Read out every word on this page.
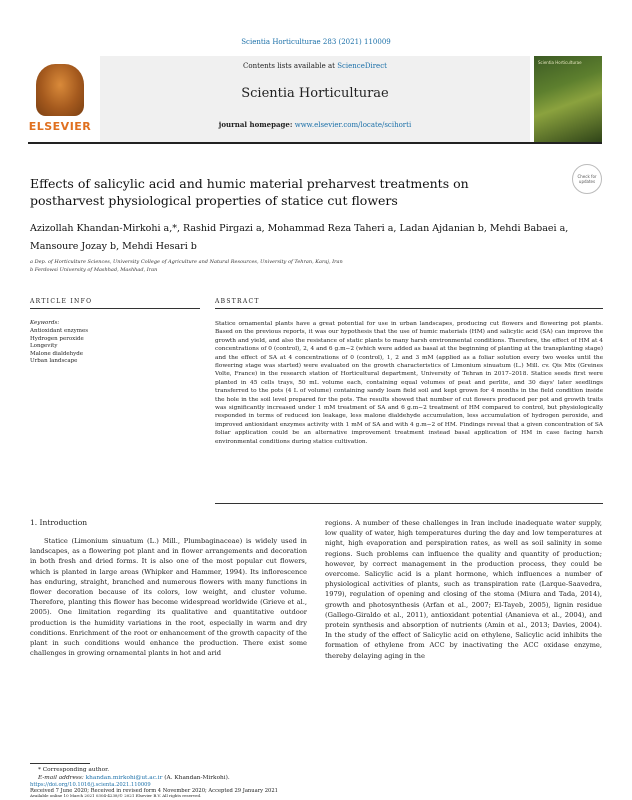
Scientia Horticulturae 283 (2021) 110009
ELSEVIER
Contents lists available at ScienceDirect
Scientia Horticulturae
journal homepage: www.elsevier.com/locate/scihorti
Scientia Horticulturae
Effects of salicylic acid and humic material preharvest treatments on postharvest physiological properties of statice cut flowers
Check for updates
Azizollah Khandan-Mirkohi a,*, Rashid Pirgazi a, Mohammad Reza Taheri a, Ladan Ajdanian b, Mehdi Babaei a, Mansoure Jozay b, Mehdi Hesari b
a Dep. of Horticulture Sciences, University College of Agriculture and Natural Resources, University of Tehran, Karaj, Iran
b Ferdowsi University of Mashhad, Mashhad, Iran
ARTICLE INFO	ABSTRACT
Keywords:
Antioxidant enzymes
Hydrogen peroxide
Longevity
Malone dialdehyde
Urban landscape
Statice ornamental plants have a great potential for use in urban landscapes, producing cut flowers and flowering pot plants. Based on the previous reports, it was our hypothesis that the use of humic materials (HM) and salicylic acid (SA) can improve the growth and yield, and also the resistance of static plants to many harsh environmental conditions. Therefore, the effect of HM at 4 concentrations of 0 (control), 2, 4 and 6 g.m−2 (which were added as basal at the beginning of planting at the transplanting stage) and the effect of SA at 4 concentrations of 0 (control), 1, 2 and 3 mM (applied as a foliar solution every two weeks until the flowering stage was started) were evaluated on the growth characteristics of Limonium sinuatum (L.) Mill. cv. Qis Mix (Greines Volte, France) in the research station of Horticultural department, University of Tehran in 2017–2018. Statice seeds first were planted in 45 cells trays, 50 mL volume each, containing equal volumes of peat and perlite, and 30 days' later seedlings transferred to the pots (4 L of volume) containing sandy loam field soil and kept grown for 4 months in the field condition inside the hole in the soil level prepared for the pots. The results showed that number of cut flowers produced per pot and growth traits was significantly increased under 1 mM treatment of SA and 6 g.m−2 treatment of HM compared to control, but physiologically responded in terms of reduced ion leakage, less malone dialdehyde accumulation, less accumulation of hydrogen peroxide, and improved antioxidant enzymes activity with 1 mM of SA and with 4 g.m−2 of HM. Findings reveal that a given concentration of SA foliar application could be an alternative improvement treatment instead basal application of HM in case facing harsh environmental conditions during statice cultivation.
1. Introduction
Statice (Limonium sinuatum (L.) Mill., Plumbaginaceae) is widely used in landscapes, as a flowering pot plant and in flower arrangements and decoration in both fresh and dried forms. It is also one of the most popular cut flowers, which is planted in large areas (Whipker and Hammer, 1994). Its inflorescence has enduring, straight, branched and numerous flowers with many functions in flower decoration because of its colors, low weight, and cluster volume. Therefore, planting this flower has become widespread worldwide (Grieve et al., 2005). One limitation regarding its qualitative and quantitative outdoor production is the humidity variations in the root, especially in warm and dry conditions. Enrichment of the root or enhancement of the growth capacity of the plant in such conditions would enhance the production. There exist some challenges in growing ornamental plants in hot and arid
regions. A number of these challenges in Iran include inadequate water supply, low quality of water, high temperatures during the day and low temperatures at night, high evaporation and perspiration rates, as well as soil salinity in some regions. Such problems can influence the quality and quantity of production; however, by correct management in the production process, they could be overcome. Salicylic acid is a plant hormone, which influences a number of physiological activities of plants, such as transpiration rate (Larque-Saavedra, 1979), regulation of opening and closing of the stoma (Miura and Tada, 2014), growth and photosynthesis (Arfan et al., 2007; El-Tayeb, 2005), lignin residue (Gallego-Giraldo et al., 2011), antioxidant potential (Ananieva et al., 2004), and protein synthesis and absorption of nutrients (Amin et al., 2013; Davies, 2004). In the study of the effect of Salicylic acid on ethylene, Salicylic acid inhibits the formation of ethylene from ACC by inactivating the ACC oxidase enzyme, thereby delaying aging in the
* Corresponding author.
E-mail address: khandan.mirkohi@ut.ac.ir (A. Khandan-Mirkohi).
https://doi.org/10.1016/j.scienta.2021.110009
Received 7 June 2020; Received in revised form 4 November 2020; Accepted 29 January 2021
Available online 10 March 2021 0304-4238/© 2021 Elsevier B.V. All rights reserved.
